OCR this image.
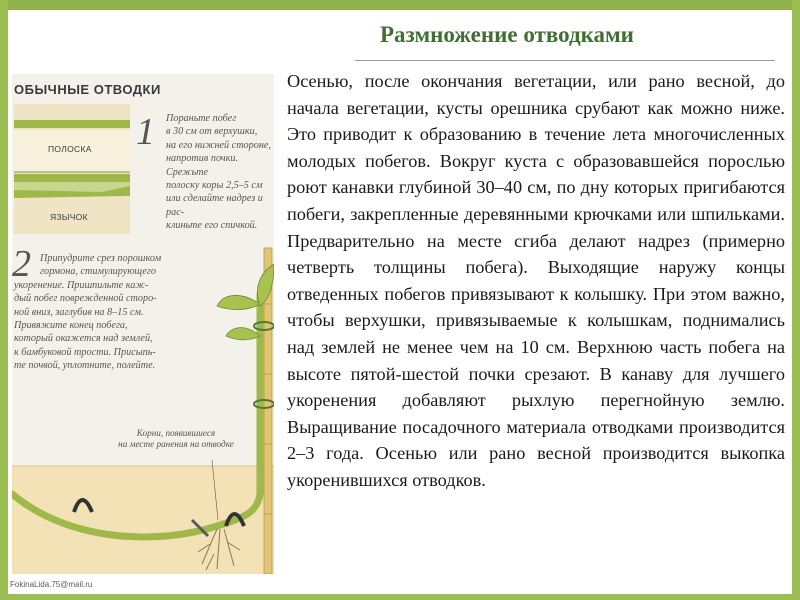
Размножение отводками
Осенью, после окончания вегетации, или рано весной, до начала вегетации, кусты орешника срубают как можно ниже. Это приводит к образованию в течение лета многочисленных молодых побегов. Вокруг куста с образовавшейся порослью роют канавки глубиной 30–40 см, по дну которых пригибаются побеги, закрепленные деревянными крючками или шпильками. Предварительно на месте сгиба делают надрез (примерно четверть толщины побега). Выходящие наружу концы отведенных побегов привязывают к колышку. При этом важно, чтобы верхушки, привязываемые к колышкам, поднимались над землей не менее чем на 10 см. Верхнюю часть побега на высоте пятой-шестой почки срезают. В канаву для лучшего укоренения добавляют рыхлую перегнойную землю. Выращивание посадочного материала отводками производится 2–3 года. Осенью или рано весной производится выкопка укоренившихся отводков.
ОБЫЧНЫЕ ОТВОДКИ
ПОЛОСКА
ЯЗЫЧОК
1 Пораньте побег
в 30 см от верхушки,
на его нижней стороне,
напротив почки. Срежьте
полоску коры 2,5–5 см
или сделайте надрез и рас-
клиньте его спичкой.
2 Припудрите срез порошком
гормона, стимулирующего
укоренение. Пришпильте каж-
дый побег поврежденной сторо-
ной вниз, заглубив на 8–15 см.
Привяжите конец побега,
который окажется над землей,
к бамбуковой трости. Присыпь-
те почвой, уплотните, полейте.
Корни, появившиеся
на месте ранения на отводке
FokinaLida.75@mail.ru
